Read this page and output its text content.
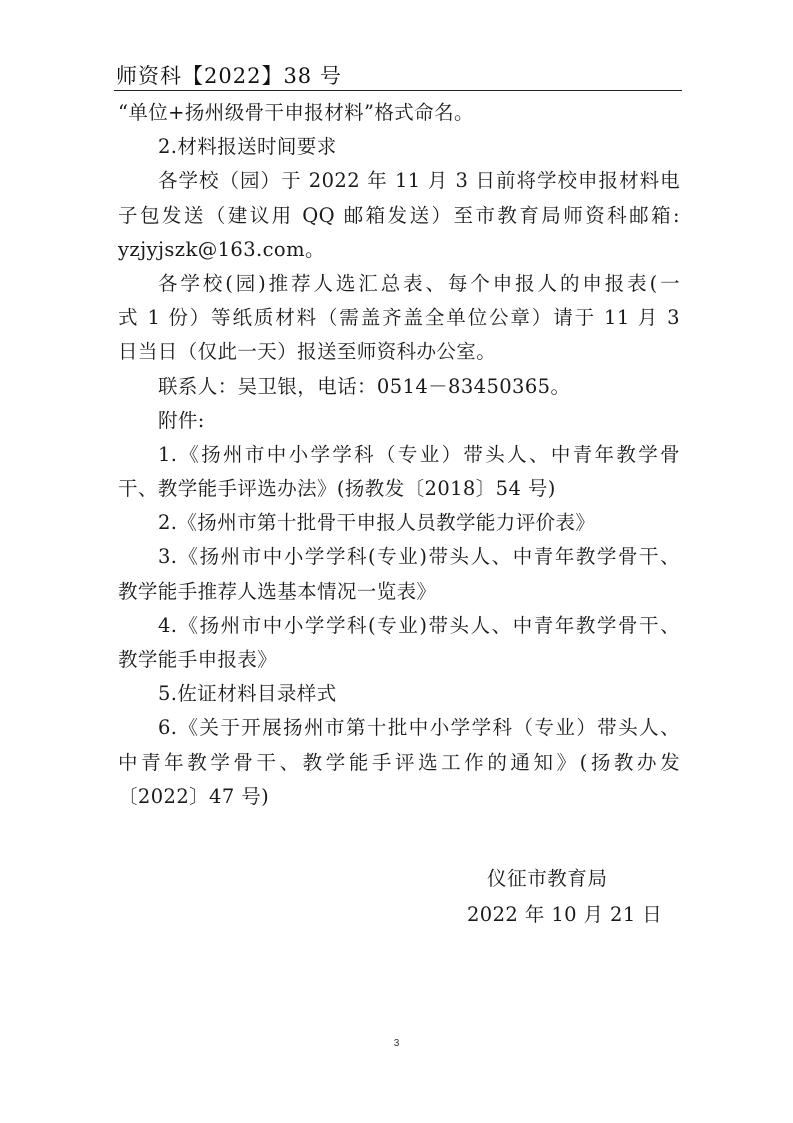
师资科【2022】38 号
“单位+扬州级骨干申报材料”格式命名。
2.材料报送时间要求
各学校（园）于 2022 年 11 月 3 日前将学校申报材料电
子包发送（建议用 QQ 邮箱发送）至市教育局师资科邮箱:
yzjyjszk@163.com。
各学校(园)推荐人选汇总表、每个申报人的申报表(一
式 1 份）等纸质材料（需盖齐盖全单位公章）请于 11 月 3
日当日（仅此一天）报送至师资科办公室。
联系人：吴卫银，电话：0514－83450365。
附件:
1.《扬州市中小学学科（专业）带头人、中青年教学骨
干、教学能手评选办法》(扬教发〔2018〕54 号)
2.《扬州市第十批骨干申报人员教学能力评价表》
3.《扬州市中小学学科(专业)带头人、中青年教学骨干、
教学能手推荐人选基本情况一览表》
4.《扬州市中小学学科(专业)带头人、中青年教学骨干、
教学能手申报表》
5.佐证材料目录样式
6.《关于开展扬州市第十批中小学学科（专业）带头人、
中青年教学骨干、教学能手评选工作的通知》(扬教办发
〔2022〕47 号)
仪征市教育局
2022 年 10 月 21 日
3
